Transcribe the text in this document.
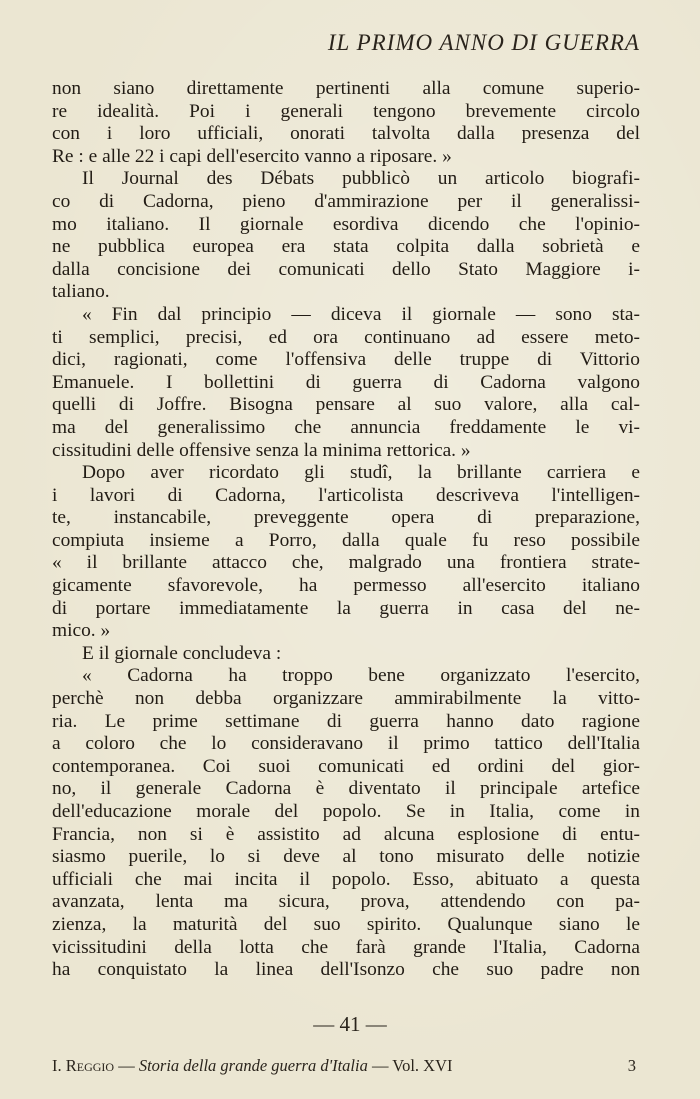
IL PRIMO ANNO DI GUERRA
non siano direttamente pertinenti alla comune superio-
re idealità. Poi i generali tengono brevemente circolo
con i loro ufficiali, onorati talvolta dalla presenza del
Re : e alle 22 i capi dell'esercito vanno a riposare. »
Il Journal des Débats pubblicò un articolo biografi-
co di Cadorna, pieno d'ammirazione per il generalissi-
mo italiano. Il giornale esordiva dicendo che l'opinio-
ne pubblica europea era stata colpita dalla sobrietà e
dalla concisione dei comunicati dello Stato Maggiore i-
taliano.
« Fin dal principio — diceva il giornale — sono sta-
ti semplici, precisi, ed ora continuano ad essere meto-
dici, ragionati, come l'offensiva delle truppe di Vittorio
Emanuele. I bollettini di guerra di Cadorna valgono
quelli di Joffre. Bisogna pensare al suo valore, alla cal-
ma del generalissimo che annuncia freddamente le vi-
cissitudini delle offensive senza la minima rettorica. »
Dopo aver ricordato gli studî, la brillante carriera e
i lavori di Cadorna, l'articolista descriveva l'intelligen-
te, instancabile, preveggente opera di preparazione,
compiuta insieme a Porro, dalla quale fu reso possibile
« il brillante attacco che, malgrado una frontiera strate-
gicamente sfavorevole, ha permesso all'esercito italiano
di portare immediatamente la guerra in casa del ne-
mico. »
E il giornale concludeva :
« Cadorna ha troppo bene organizzato l'esercito,
perchè non debba organizzare ammirabilmente la vitto-
ria. Le prime settimane di guerra hanno dato ragione
a coloro che lo consideravano il primo tattico dell'Italia
contemporanea. Coi suoi comunicati ed ordini del gior-
no, il generale Cadorna è diventato il principale artefice
dell'educazione morale del popolo. Se in Italia, come in
Francia, non si è assistito ad alcuna esplosione di entu-
siasmo puerile, lo si deve al tono misurato delle notizie
ufficiali che mai incita il popolo. Esso, abituato a questa
avanzata, lenta ma sicura, prova, attendendo con pa-
zienza, la maturità del suo spirito. Qualunque siano le
vicissitudini della lotta che farà grande l'Italia, Cadorna
ha conquistato la linea dell'Isonzo che suo padre non
— 41 —
I. Reggio — Storia della grande guerra d'Italia — Vol. XVI	3
